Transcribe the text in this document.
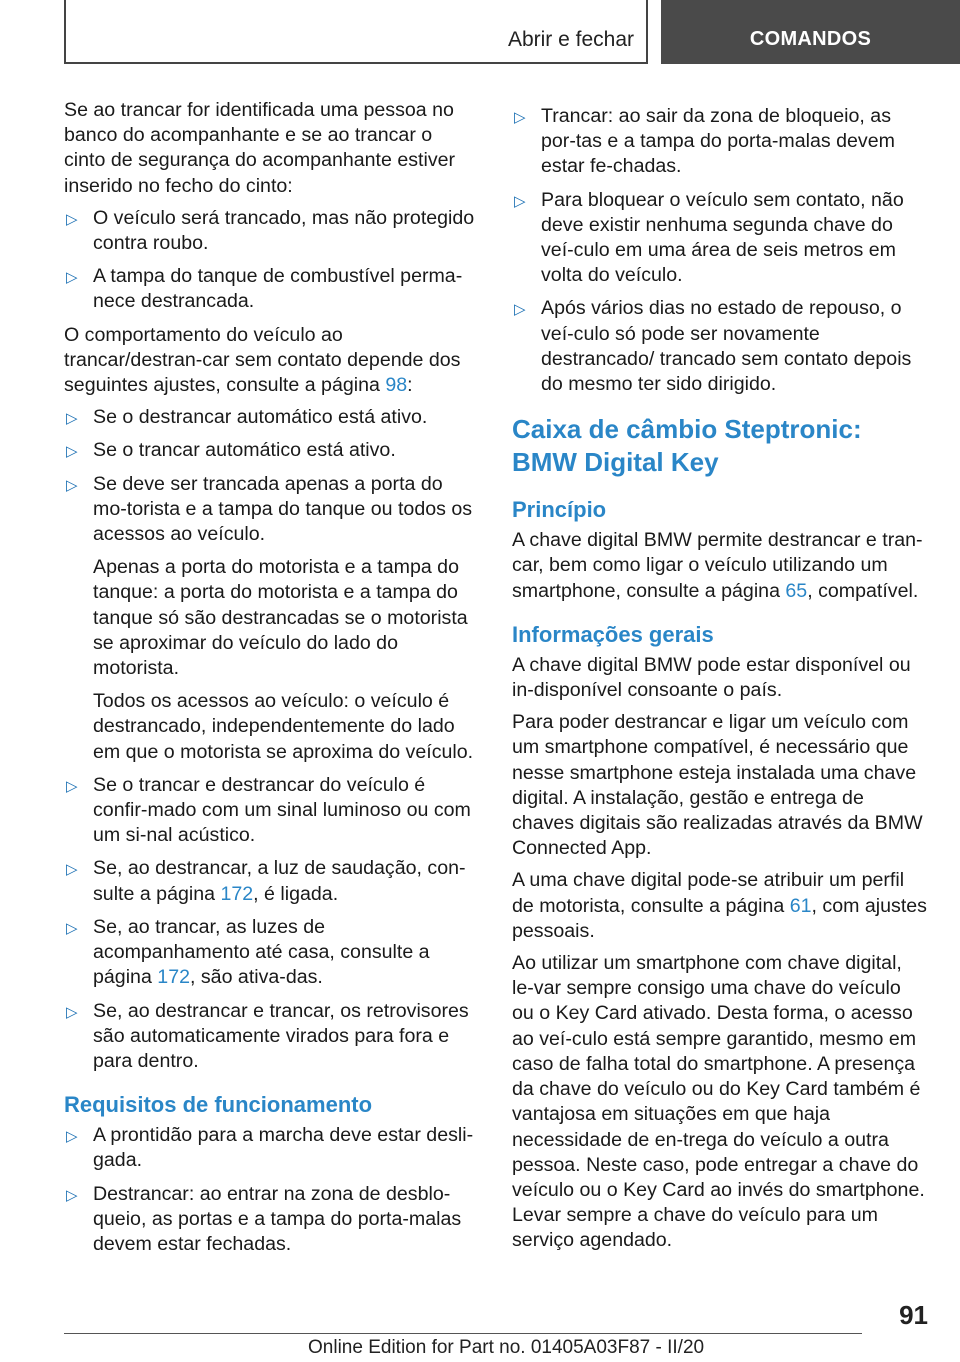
Abrir e fechar	COMANDOS

Se ao trancar for identificada uma pessoa no banco do acompanhante e se ao trancar o cinto de segurança do acompanhante estiver inserido no fecho do cinto:

▷ O veículo será trancado, mas não protegido contra roubo.
▷ A tampa do tanque de combustível perma-nece destrancada.

O comportamento do veículo ao trancar/destran-car sem contato depende dos seguintes ajustes, consulte a página 98:

▷ Se o destrancar automático está ativo.
▷ Se o trancar automático está ativo.
▷ Se deve ser trancada apenas a porta do mo-torista e a tampa do tanque ou todos os acessos ao veículo.
Apenas a porta do motorista e a tampa do tanque: a porta do motorista e a tampa do tanque só são destrancadas se o motorista se aproximar do veículo do lado do motorista.
Todos os acessos ao veículo: o veículo é destrancado, independentemente do lado em que o motorista se aproxima do veículo.
▷ Se o trancar e destrancar do veículo é confir-mado com um sinal luminoso ou com um si-nal acústico.
▷ Se, ao destrancar, a luz de saudação, con-sulte a página 172, é ligada.
▷ Se, ao trancar, as luzes de acompanhamento até casa, consulte a página 172, são ativa-das.
▷ Se, ao destrancar e trancar, os retrovisores são automaticamente virados para fora e para dentro.
Requisitos de funcionamento
▷ A prontidão para a marcha deve estar desli-gada.
▷ Destrancar: ao entrar na zona de desblo-queio, as portas e a tampa do porta-malas devem estar fechadas.
▷ Trancar: ao sair da zona de bloqueio, as por-tas e a tampa do porta-malas devem estar fe-chadas.
▷ Para bloquear o veículo sem contato, não deve existir nenhuma segunda chave do veí-culo em uma área de seis metros em volta do veículo.
▷ Após vários dias no estado de repouso, o veí-culo só pode ser novamente destrancado/ trancado sem contato depois do mesmo ter sido dirigido.
Caixa de câmbio Steptronic: BMW Digital Key
Princípio

A chave digital BMW permite destrancar e tran-car, bem como ligar o veículo utilizando um smartphone, consulte a página 65, compatível.

Informações gerais

A chave digital BMW pode estar disponível ou in-disponível consoante o país.

Para poder destrancar e ligar um veículo com um smartphone compatível, é necessário que nesse smartphone esteja instalada uma chave digital. A instalação, gestão e entrega de chaves digitais são realizadas através da BMW Connected App.

A uma chave digital pode-se atribuir um perfil de motorista, consulte a página 61, com ajustes pessoais.

Ao utilizar um smartphone com chave digital, le-var sempre consigo uma chave do veículo ou o Key Card ativado. Desta forma, o acesso ao veí-culo está sempre garantido, mesmo em caso de falha total do smartphone. A presença da chave do veículo ou do Key Card também é vantajosa em situações em que haja necessidade de en-trega do veículo a outra pessoa. Neste caso, pode entregar a chave do veículo ou o Key Card ao invés do smartphone. Levar sempre a chave do veículo para um serviço agendado.

91
Online Edition for Part no. 01405A03F87 - II/20
